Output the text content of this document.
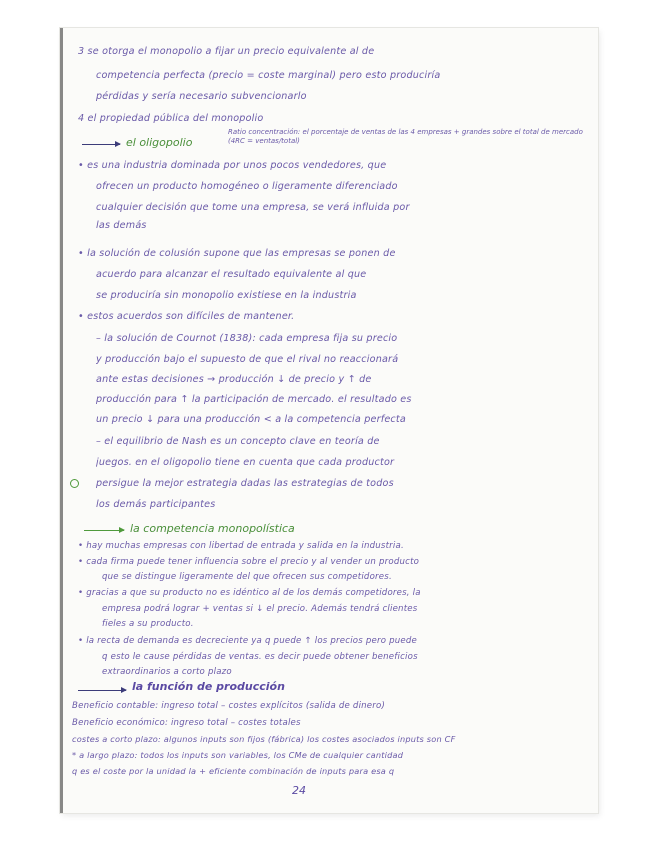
3 se otorga el monopolio a fijar un precio equivalente al de
competencia perfecta (precio = coste marginal) pero esto produciría
pérdidas y sería necesario subvencionarlo
4 el propiedad pública del monopolio
el oligopolio
Ratio concentración: el porcentaje de ventas de las 4 empresas + grandes sobre el total de mercado (4RC = ventas/total)
• es una industria dominada por unos pocos vendedores, que
ofrecen un producto homogéneo o ligeramente diferenciado
cualquier decisión que tome una empresa, se verá influida por
las demás
• la solución de colusión supone que las empresas se ponen de
acuerdo para alcanzar el resultado equivalente al que
se produciría sin monopolio existiese en la industria
• estos acuerdos son difíciles de mantener.
– la solución de Cournot (1838): cada empresa fija su precio
y producción bajo el supuesto de que el rival no reaccionará
ante estas decisiones → producción ↓ de precio y ↑ de
producción para ↑ la participación de mercado. el resultado es
un precio ↓ para una producción < a la competencia perfecta
– el equilibrio de Nash es un concepto clave en teoría de
juegos. en el oligopolio tiene en cuenta que cada productor
persigue la mejor estrategia dadas las estrategias de todos
los demás participantes
la competencia monopolística
• hay muchas empresas con libertad de entrada y salida en la industria.
• cada firma puede tener influencia sobre el precio y al vender un producto
que se distingue ligeramente del que ofrecen sus competidores.
• gracias a que su producto no es idéntico al de los demás competidores, la
empresa podrá lograr + ventas si ↓ el precio. Además tendrá clientes
fieles a su producto.
• la recta de demanda es decreciente ya q puede ↑ los precios pero puede
q esto le cause pérdidas de ventas. es decir puede obtener beneficios
extraordinarios a corto plazo
la función de producción
Beneficio contable: ingreso total – costes explícitos (salida de dinero)
Beneficio económico: ingreso total – costes totales
costes a corto plazo: algunos inputs son fijos (fábrica) los costes asociados inputs son CF
* a largo plazo: todos los inputs son variables, los CMe de cualquier cantidad
q es el coste por la unidad la + eficiente combinación de inputs para esa q
24
